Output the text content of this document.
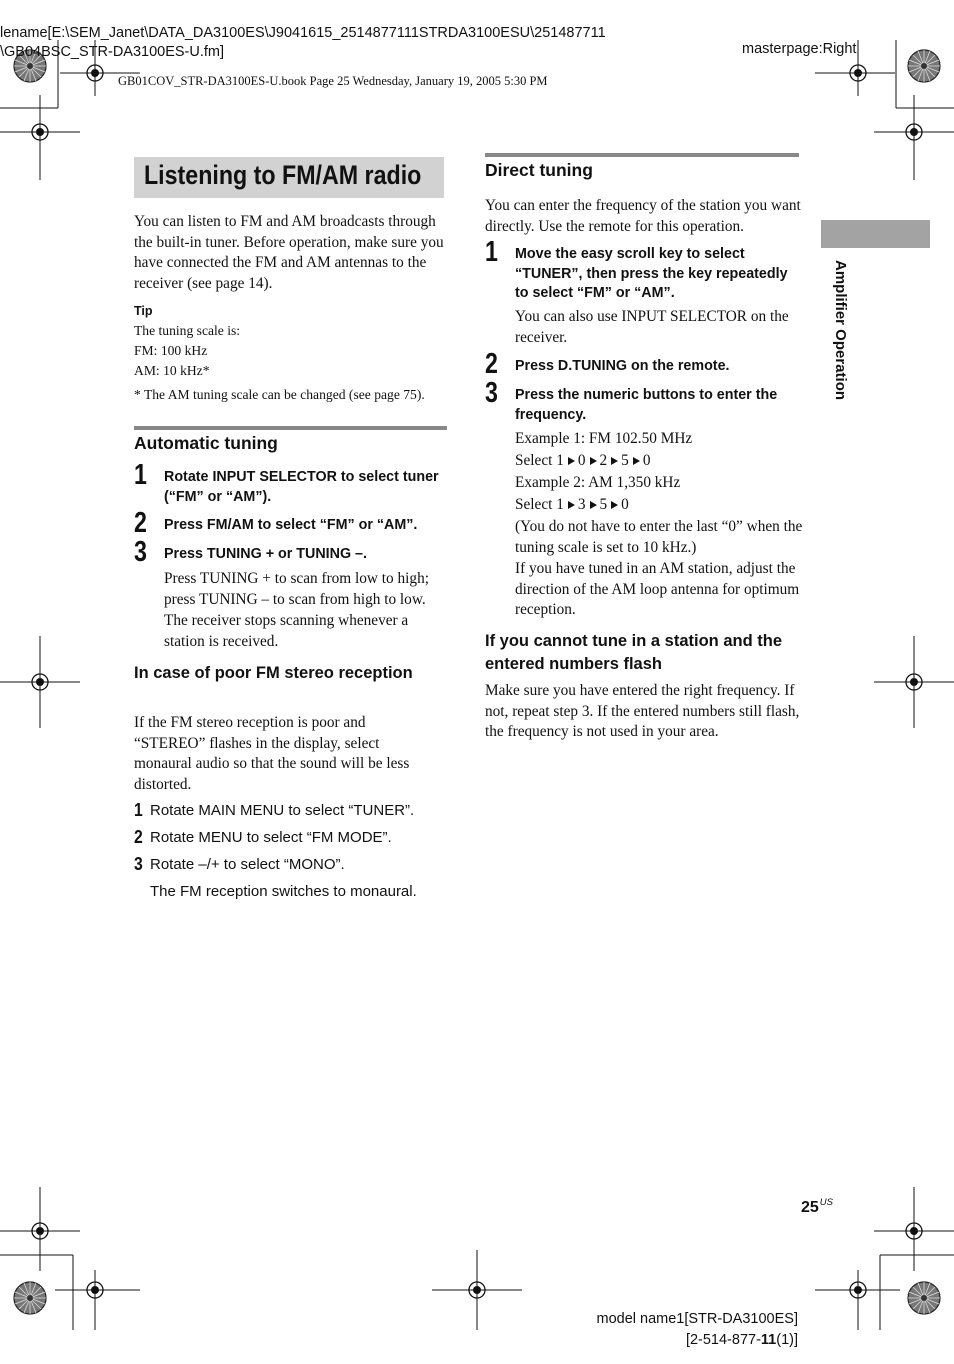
lename[E:\SEM_Janet\DATA_DA3100ES\J9041615_2514877111STRDA3100ESU\251487711
\GB04BSC_STR-DA3100ES-U.fm]	masterpage:Right
GB01COV_STR-DA3100ES-U.book Page 25 Wednesday, January 19, 2005 5:30 PM
Listening to FM/AM radio
You can listen to FM and AM broadcasts through the built-in tuner. Before operation, make sure you have connected the FM and AM antennas to the receiver (see page 14).
Tip
The tuning scale is:
FM: 100 kHz
AM: 10 kHz*
* The AM tuning scale can be changed (see page 75).
Automatic tuning
1 Rotate INPUT SELECTOR to select tuner (“FM” or “AM”).
2 Press FM/AM to select “FM” or “AM”.
3 Press TUNING + or TUNING –.
Press TUNING + to scan from low to high; press TUNING – to scan from high to low.
The receiver stops scanning whenever a station is received.
In case of poor FM stereo reception
If the FM stereo reception is poor and “STEREO” flashes in the display, select monaural audio so that the sound will be less distorted.
1 Rotate MAIN MENU to select “TUNER”.
2 Rotate MENU to select “FM MODE”.
3 Rotate –/+ to select “MONO”.
The FM reception switches to monaural.
Direct tuning
You can enter the frequency of the station you want directly. Use the remote for this operation.
1 Move the easy scroll key to select “TUNER”, then press the key repeatedly to select “FM” or “AM”.
You can also use INPUT SELECTOR on the receiver.
2 Press D.TUNING on the remote.
3 Press the numeric buttons to enter the frequency.
Example 1: FM 102.50 MHz
Select 1 0 2 5 0
Example 2: AM 1,350 kHz
Select 1 3 5 0
(You do not have to enter the last “0” when the tuning scale is set to 10 kHz.)
If you have tuned in an AM station, adjust the direction of the AM loop antenna for optimum reception.
If you cannot tune in a station and the entered numbers flash
Make sure you have entered the right frequency. If not, repeat step 3. If the entered numbers still flash, the frequency is not used in your area.
Amplifier Operation
$25^{US}$
model name1[STR-DA3100ES]
[2-514-877-11(1)]
